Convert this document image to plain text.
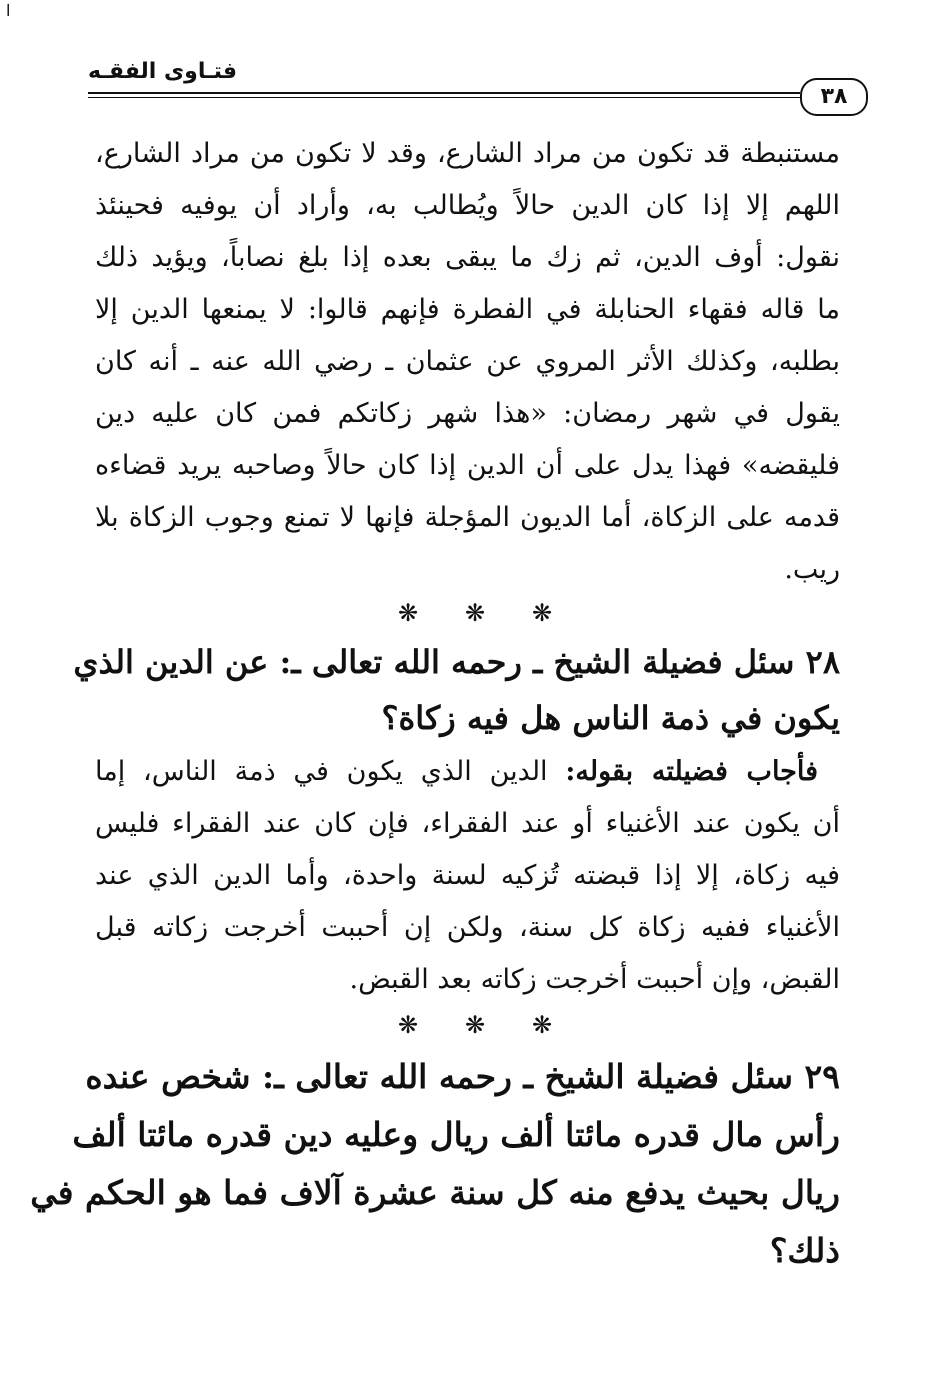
ا
فتـاوى الفقـه
٣٨
مستنبطة قد تكون من مراد الشارع، وقد لا تكون من مراد الشارع،
اللهم إلا إذا كان الدين حالاً ويُطالب به، وأراد أن يوفيه فحينئذ
نقول: أوف الدين، ثم زك ما يبقى بعده إذا بلغ نصاباً، ويؤيد ذلك
ما قاله فقهاء الحنابلة في الفطرة فإنهم قالوا: لا يمنعها الدين إلا
بطلبه، وكذلك الأثر المروي عن عثمان ـ رضي الله عنه ـ أنه كان
يقول في شهر رمضان: «هذا شهر زكاتكم فمن كان عليه دين
فليقضه» فهذا يدل على أن الدين إذا كان حالاً وصاحبه يريد قضاءه
قدمه على الزكاة، أما الديون المؤجلة فإنها لا تمنع وجوب الزكاة بلا
ريب.
❋ ❋ ❋
٢٨ سئل فضيلة الشيخ ـ رحمه الله تعالى ـ: عن الدين الذي
يكون في ذمة الناس هل فيه زكاة؟
فأجاب فضيلته بقوله: الدين الذي يكون في ذمة الناس، إما
أن يكون عند الأغنياء أو عند الفقراء، فإن كان عند الفقراء فليس
فيه زكاة، إلا إذا قبضته تُزكيه لسنة واحدة، وأما الدين الذي عند
الأغنياء ففيه زكاة كل سنة، ولكن إن أحببت أخرجت زكاته قبل
القبض، وإن أحببت أخرجت زكاته بعد القبض.
❋ ❋ ❋
٢٩ سئل فضيلة الشيخ ـ رحمه الله تعالى ـ: شخص عنده
رأس مال قدره مائتا ألف ريال وعليه دين قدره مائتا ألف
ريال بحيث يدفع منه كل سنة عشرة آلاف فما هو الحكم في
ذلك؟
